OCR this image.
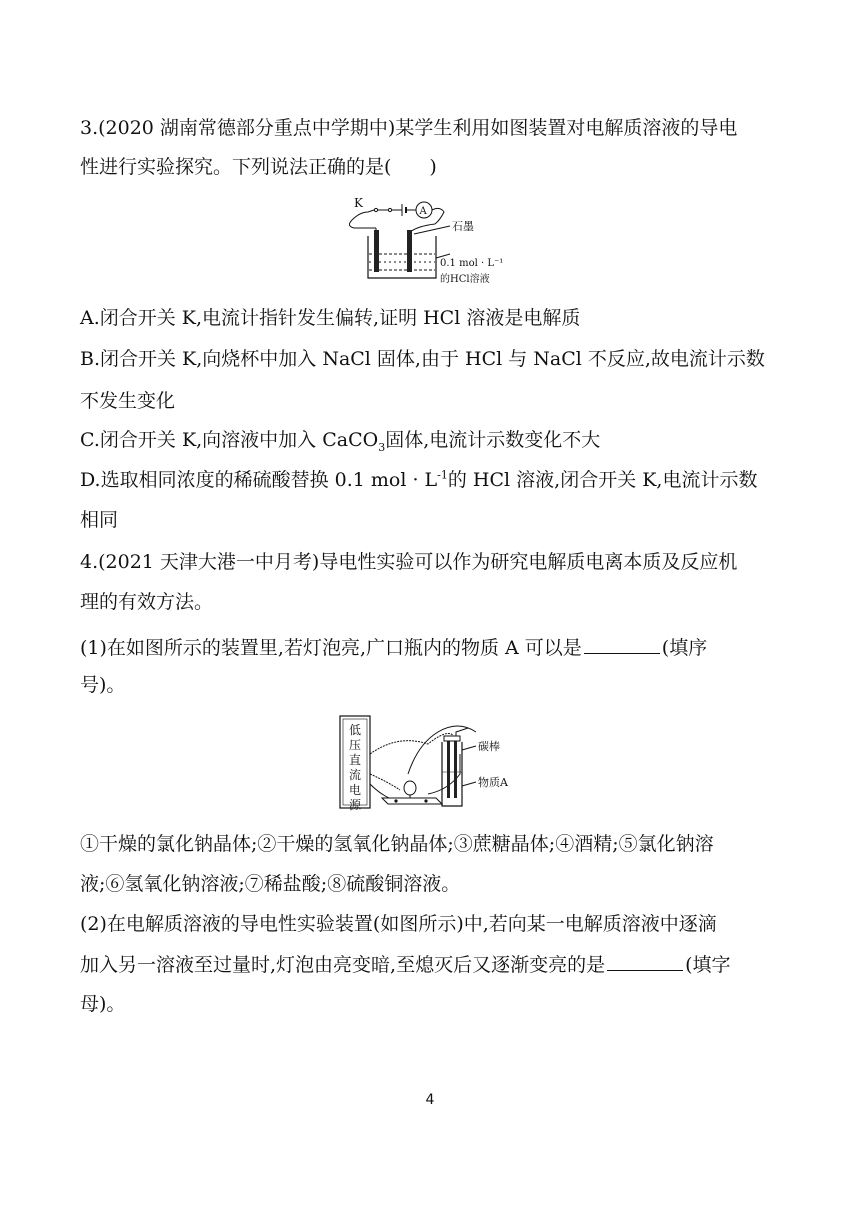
3.(2020 湖南常德部分重点中学期中)某学生利用如图装置对电解质溶液的导电
性进行实验探究。下列说法正确的是(　　)
K
A
石墨
0.1 mol · L⁻¹
的HCl溶液
A.闭合开关 K,电流计指针发生偏转,证明 HCl 溶液是电解质
B.闭合开关 K,向烧杯中加入 NaCl 固体,由于 HCl 与 NaCl 不反应,故电流计示数
不发生变化
C.闭合开关 K,向溶液中加入 CaCO$_3$固体,电流计示数变化不大
D.选取相同浓度的稀硫酸替换 0.1 mol · $L^{-1}$的 HCl 溶液,闭合开关 K,电流计示数
相同
4.(2021 天津大港一中月考)导电性实验可以作为研究电解质电离本质及反应机
理的有效方法。
(1)在如图所示的装置里,若灯泡亮,广口瓶内的物质 A 可以是	(填序
号)。
低压直流电源
碳棒
物质A
①干燥的氯化钠晶体;②干燥的氢氧化钠晶体;③蔗糖晶体;④酒精;⑤氯化钠溶
液;⑥氢氧化钠溶液;⑦稀盐酸;⑧硫酸铜溶液。
(2)在电解质溶液的导电性实验装置(如图所示)中,若向某一电解质溶液中逐滴
加入另一溶液至过量时,灯泡由亮变暗,至熄灭后又逐渐变亮的是	(填字
母)。
4
